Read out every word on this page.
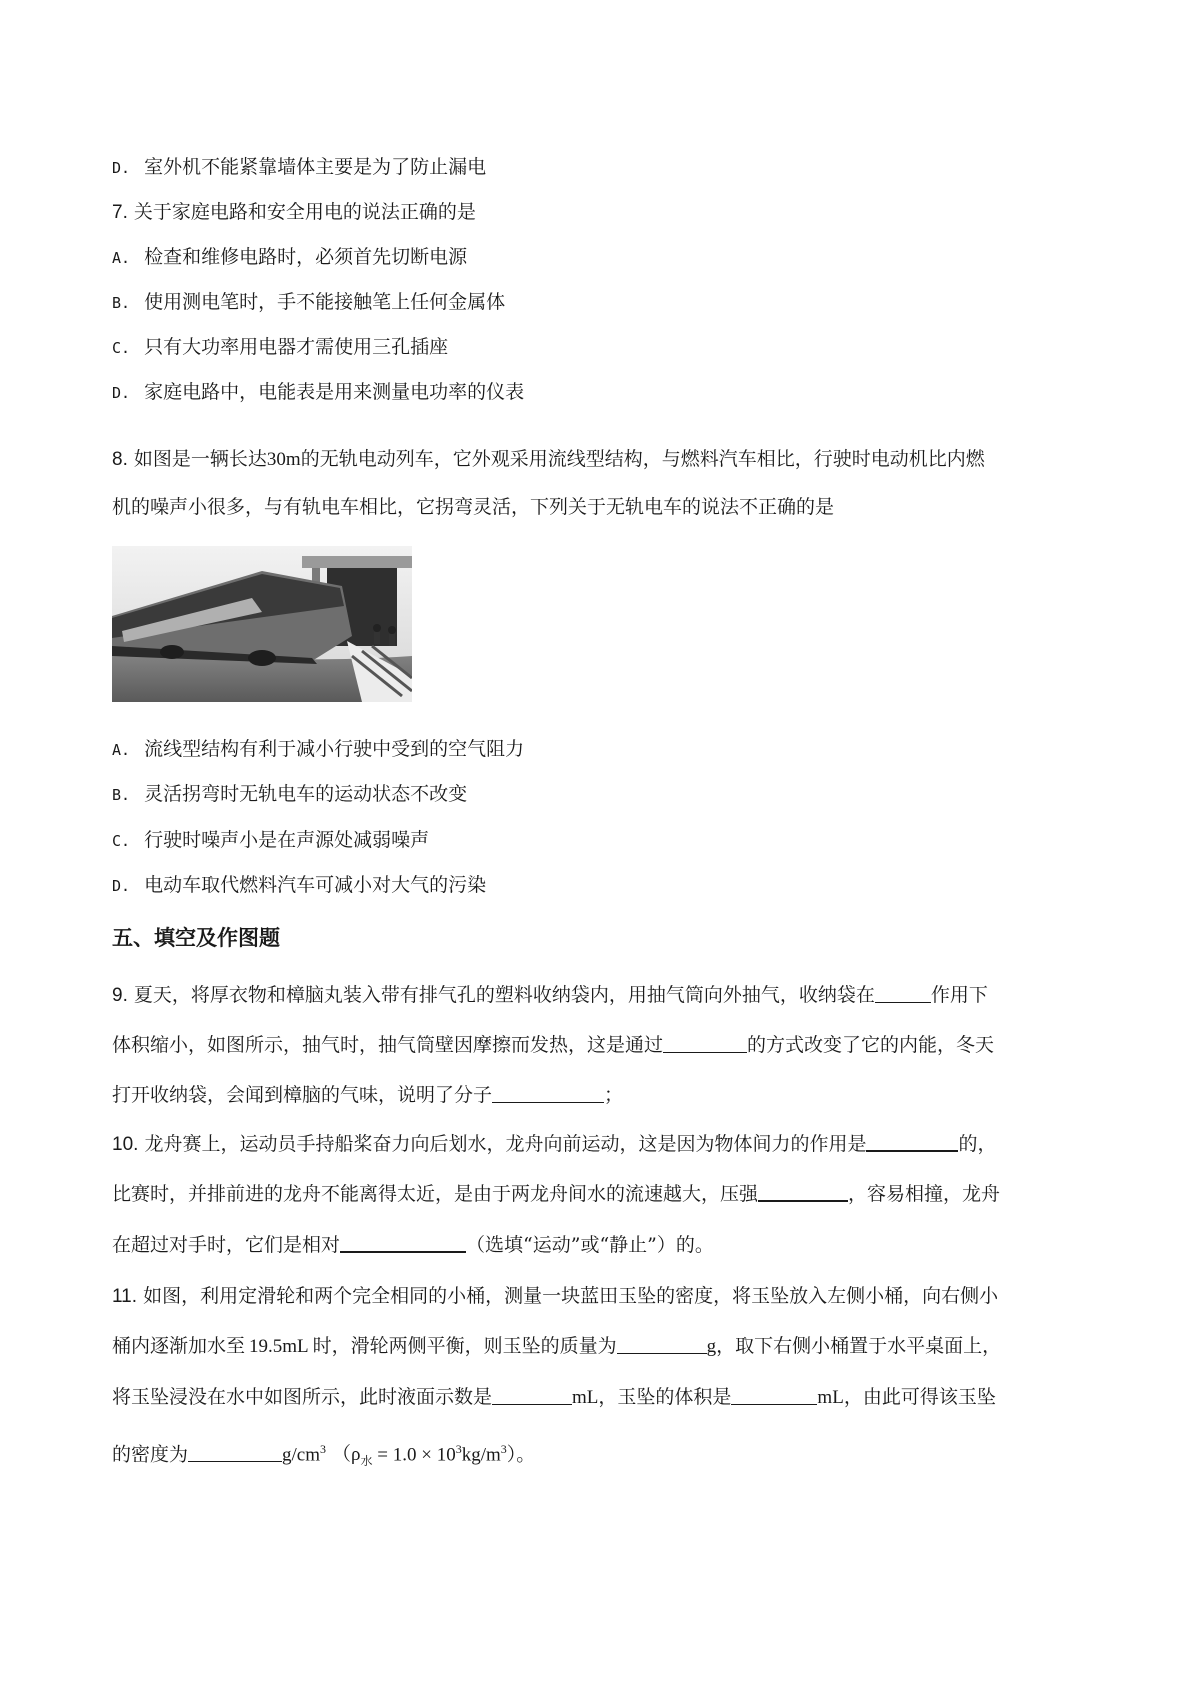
D. 室外机不能紧靠墙体主要是为了防止漏电
7. 关于家庭电路和安全用电的说法正确的是
A. 检查和维修电路时，必须首先切断电源
B. 使用测电笔时，手不能接触笔上任何金属体
C. 只有大功率用电器才需使用三孔插座
D. 家庭电路中，电能表是用来测量电功率的仪表
8. 如图是一辆长达30m的无轨电动列车，它外观采用流线型结构，与燃料汽车相比，行驶时电动机比内燃
机的噪声小很多，与有轨电车相比，它拐弯灵活，下列关于无轨电车的说法不正确的是
A. 流线型结构有利于减小行驶中受到的空气阻力
B. 灵活拐弯时无轨电车的运动状态不改变
C. 行驶时噪声小是在声源处减弱噪声
D. 电动车取代燃料汽车可减小对大气的污染
五、填空及作图题
9. 夏天，将厚衣物和樟脑丸装入带有排气孔的塑料收纳袋内，用抽气筒向外抽气，收纳袋在	作用下
体积缩小，如图所示，抽气时，抽气筒壁因摩擦而发热，这是通过	的方式改变了它的内能，冬天
打开收纳袋，会闻到樟脑的气味，说明了分子	；
10. 龙舟赛上，运动员手持船桨奋力向后划水，龙舟向前运动，这是因为物体间力的作用是	的，
比赛时，并排前进的龙舟不能离得太近，是由于两龙舟间水的流速越大，压强	，容易相撞，龙舟
在超过对手时，它们是相对	（选填“运动”或“静止”）的。
11. 如图，利用定滑轮和两个完全相同的小桶，测量一块蓝田玉坠的密度，将玉坠放入左侧小桶，向右侧小
桶内逐渐加水至 19.5mL 时，滑轮两侧平衡，则玉坠的质量为	g，取下右侧小桶置于水平桌面上，
将玉坠浸没在水中如图所示，此时液面示数是	mL，玉坠的体积是	mL，由此可得该玉坠
的密度为	$g/cm^3$ $(\rho_水 = 1.0 \times 10^3kg/m^3)$。
